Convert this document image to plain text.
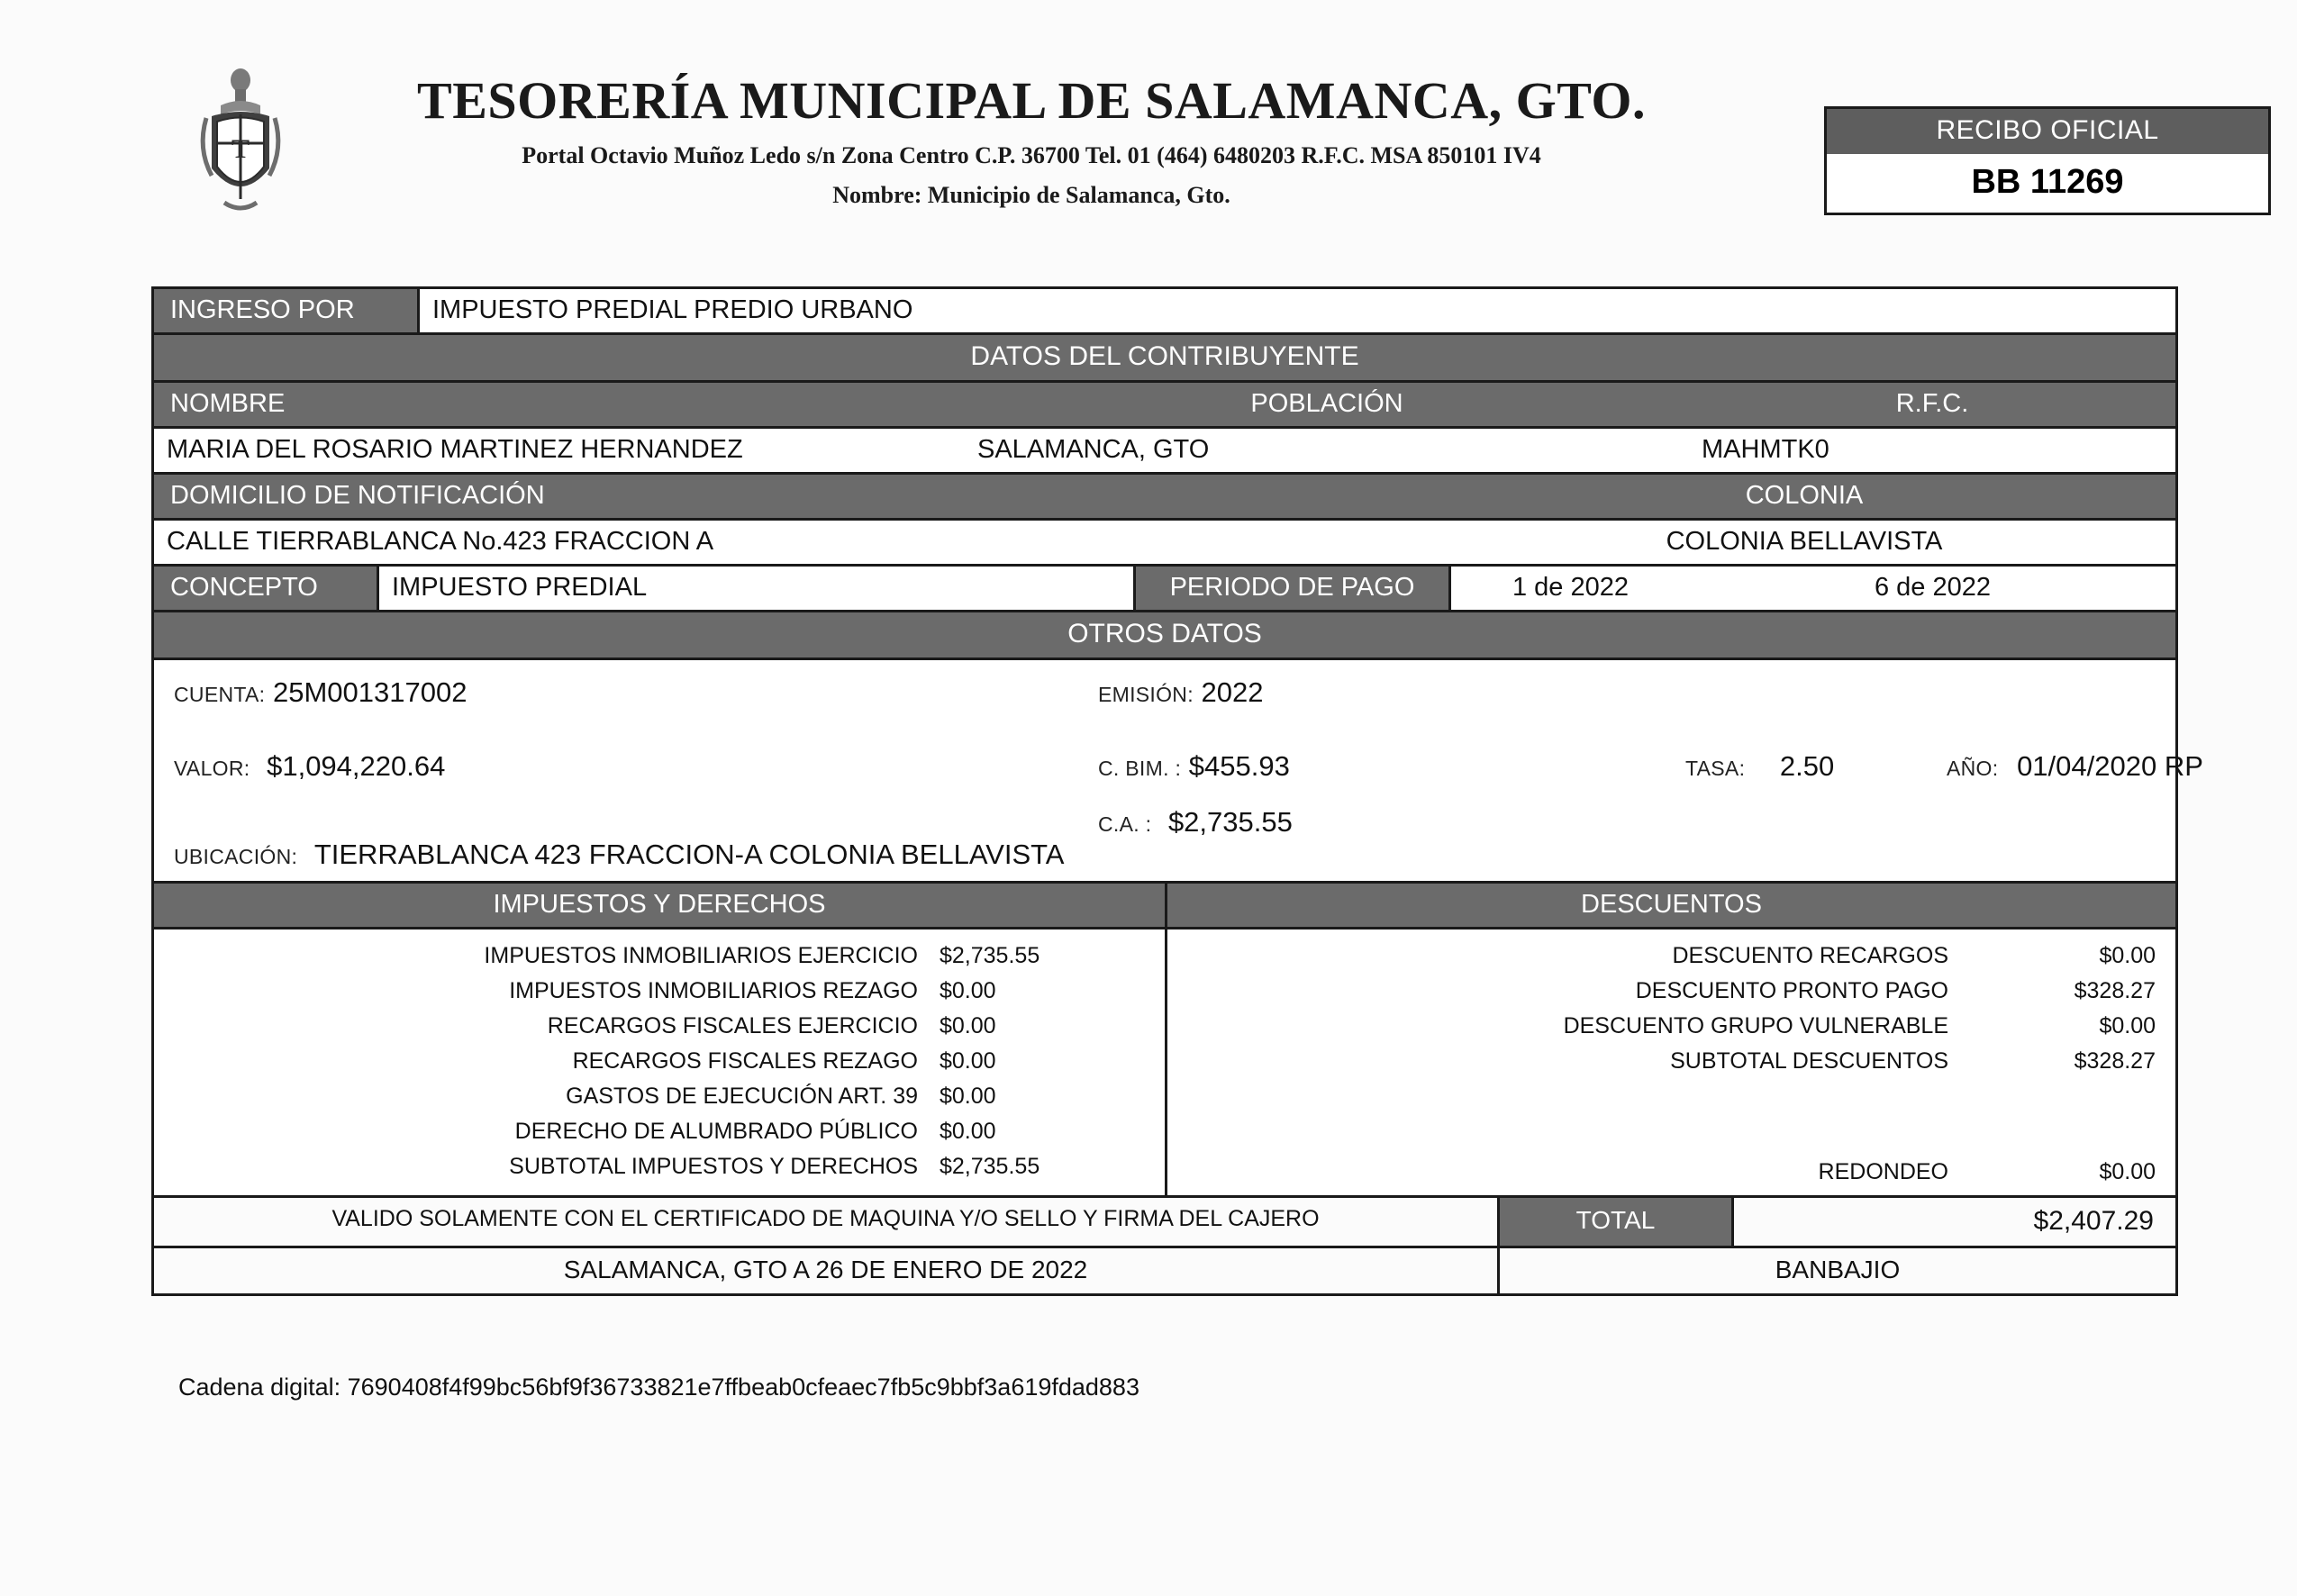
T
TESORERÍA MUNICIPAL DE SALAMANCA, GTO.
Portal Octavio Muñoz Ledo s/n Zona Centro C.P. 36700 Tel. 01 (464) 6480203 R.F.C. MSA 850101 IV4
Nombre: Municipio de Salamanca, Gto.
RECIBO OFICIAL
BB 11269
INGRESO POR	IMPUESTO PREDIAL PREDIO URBANO
DATOS DEL CONTRIBUYENTE
NOMBRE	POBLACIÓN	R.F.C.
MARIA DEL ROSARIO MARTINEZ HERNANDEZ	SALAMANCA, GTO	MAHMTK0
DOMICILIO DE NOTIFICACIÓN	COLONIA
CALLE TIERRABLANCA No.423 FRACCION A	COLONIA BELLAVISTA
CONCEPTO	IMPUESTO PREDIAL	PERIODO DE PAGO	1 de 2022	6 de 2022
OTROS DATOS
CUENTA: 25M001317002	EMISIÓN: 2022
VALOR: $1,094,220.64	C. BIM. : $455.93	TASA: 2.50	AÑO: 01/04/2020 RP
C.A. : $2,735.55
UBICACIÓN: TIERRABLANCA 423 FRACCION-A COLONIA BELLAVISTA
IMPUESTOS Y DERECHOS	DESCUENTOS
IMPUESTOS INMOBILIARIOS EJERCICIO $2,735.55
IMPUESTOS INMOBILIARIOS REZAGO $0.00
RECARGOS FISCALES EJERCICIO $0.00
RECARGOS FISCALES REZAGO $0.00
GASTOS DE EJECUCIÓN ART. 39 $0.00
DERECHO DE ALUMBRADO PÚBLICO $0.00
SUBTOTAL IMPUESTOS Y DERECHOS $2,735.55
DESCUENTO RECARGOS	$0.00
DESCUENTO PRONTO PAGO	$328.27
DESCUENTO GRUPO VULNERABLE	$0.00
SUBTOTAL DESCUENTOS	$328.27
REDONDEO	$0.00
VALIDO SOLAMENTE CON EL CERTIFICADO DE MAQUINA Y/O SELLO Y FIRMA DEL CAJERO	TOTAL	$2,407.29
SALAMANCA, GTO A 26 DE ENERO DE 2022	BANBAJIO
Cadena digital: 7690408f4f99bc56bf9f36733821e7ffbeab0cfeaec7fb5c9bbf3a619fdad883
